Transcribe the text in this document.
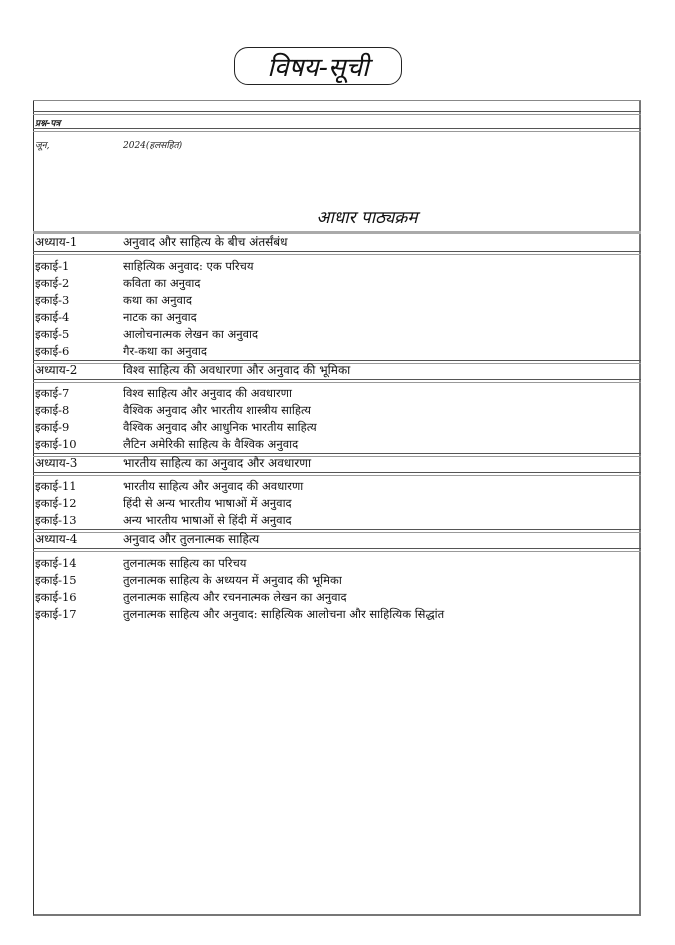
विषय-सूची
प्रश्न-पत्र
जून,	2024(हलसहित)
आधार पाठ्यक्रम
अध्याय-1	अनुवाद और साहित्य के बीच अंतर्संबंध
इकाई-1	साहित्यिक अनुवाद: एक परिचय
इकाई-2	कविता का अनुवाद
इकाई-3	कथा का अनुवाद
इकाई-4	नाटक का अनुवाद
इकाई-5	आलोचनात्मक लेखन का अनुवाद
इकाई-6	गैर-कथा का अनुवाद
अध्याय-2	विश्व साहित्य की अवधारणा और अनुवाद की भूमिका
इकाई-7	विश्व साहित्य और अनुवाद की अवधारणा
इकाई-8	वैश्विक अनुवाद और भारतीय शास्त्रीय साहित्य
इकाई-9	वैश्विक अनुवाद और आधुनिक भारतीय साहित्य
इकाई-10	लैटिन अमेरिकी साहित्य के वैश्विक अनुवाद
अध्याय-3	भारतीय साहित्य का अनुवाद और अवधारणा
इकाई-11	भारतीय साहित्य और अनुवाद की अवधारणा
इकाई-12	हिंदी से अन्य भारतीय भाषाओं में अनुवाद
इकाई-13	अन्य भारतीय भाषाओं से हिंदी में अनुवाद
अध्याय-4	अनुवाद और तुलनात्मक साहित्य
इकाई-14	तुलनात्मक साहित्य का परिचय
इकाई-15	तुलनात्मक साहित्य के अध्ययन में अनुवाद की भूमिका
इकाई-16	तुलनात्मक साहित्य और रचननात्मक लेखन का अनुवाद
इकाई-17	तुलनात्मक साहित्य और अनुवाद: साहित्यिक आलोचना और साहित्यिक सिद्धांत
